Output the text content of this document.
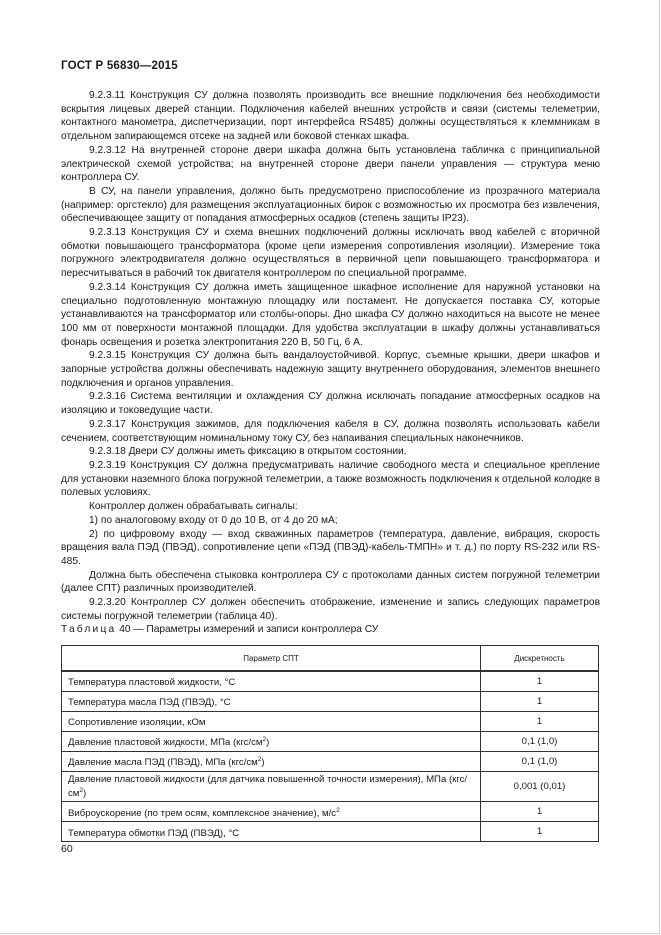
ГОСТ Р 56830—2015

9.2.3.11 Конструкция СУ должна позволять производить все внешние подключения без необходимости вскрытия лицевых дверей станции. Подключения кабелей внешних устройств и связи (системы телеметрии, контактного манометра, диспетчеризации, порт интерфейса RS485) должны осуществляться к клеммникам в отдельном запирающемся отсеке на задней или боковой стенках шкафа.

9.2.3.12 На внутренней стороне двери шкафа должна быть установлена табличка с принципиальной электрической схемой устройства; на внутренней стороне двери панели управления — структура меню контроллера СУ.

В СУ, на панели управления, должно быть предусмотрено приспособление из прозрачного материала (например: оргстекло) для размещения эксплуатационных бирок с возможностью их просмотра без извлечения, обеспечивающее защиту от попадания атмосферных осадков (степень защиты IP23).

9.2.3.13 Конструкция СУ и схема внешних подключений должны исключать ввод кабелей с вторичной обмотки повышающего трансформатора (кроме цепи измерения сопротивления изоляции). Измерение тока погружного электродвигателя должно осуществляться в первичной цепи повышающего трансформатора и пересчитываться в рабочий ток двигателя контроллером по специальной программе.

9.2.3.14 Конструкция СУ должна иметь защищенное шкафное исполнение для наружной установки на специально подготовленную монтажную площадку или постамент. Не допускается поставка СУ, которые устанавливаются на трансформатор или столбы-опоры. Дно шкафа СУ должно находиться на высоте не менее 100 мм от поверхности монтажной площадки. Для удобства эксплуатации в шкафу должны устанавливаться фонарь освещения и розетка электропитания 220 В, 50 Гц, 6 А.

9.2.3.15 Конструкция СУ должна быть вандалоустойчивой. Корпус, съемные крышки, двери шкафов и запорные устройства должны обеспечивать надежную защиту внутреннего оборудования, элементов внешнего подключения и органов управления.

9.2.3.16 Система вентиляции и охлаждения СУ должна исключать попадание атмосферных осадков на изоляцию и токоведущие части.

9.2.3.17 Конструкция зажимов, для подключения кабеля в СУ, должна позволять использовать кабели сечением, соответствующим номинальному току СУ, без напаивания специальных наконечников.

9.2.3.18 Двери СУ должны иметь фиксацию в открытом состоянии.

9.2.3.19 Конструкция СУ должна предусматривать наличие свободного места и специальное крепление для установки наземного блока погружной телеметрии, а также возможность подключения к отдельной колодке в полевых условиях.

Контроллер должен обрабатывать сигналы:

1) по аналоговому входу от 0 до 10 В, от 4 до 20 мА;

2) по цифровому входу — вход скважинных параметров (температура, давление, вибрация, скорость вращения вала ПЭД (ПВЭД), сопротивление цепи «ПЭД (ПВЭД)-кабель-ТМПН» и т. д.) по порту RS-232 или RS-485.

Должна быть обеспечена стыковка контроллера СУ с протоколами данных систем погружной телеметрии (далее СПТ) различных производителей.

9.2.3.20 Контроллер СУ должен обеспечить отображение, изменение и запись следующих параметров системы погружной телеметрии (таблица 40).

Таблица 40 — Параметры измерений и записи контроллера СУ
Параметр СПТ	Дискретность
Температура пластовой жидкости, °С	1
Температура масла ПЭД (ПВЭД), °С	1
Сопротивление изоляции, кОм	1
Давление пластовой жидкости, МПа $(кгс/см^2)$	0,1 (1,0)
Давление масла ПЭД (ПВЭД), МПа $(кгс/см^2)$	0,1 (1,0)
Давление пластовой жидкости (для датчика повышенной точности измерения), МПа $(кгс/см^2)$	0,001 (0,01)
Виброускорение (по трем осям, комплексное значение), $м/с^2$	1
Температура обмотки ПЭД (ПВЭД), °С	1
60
